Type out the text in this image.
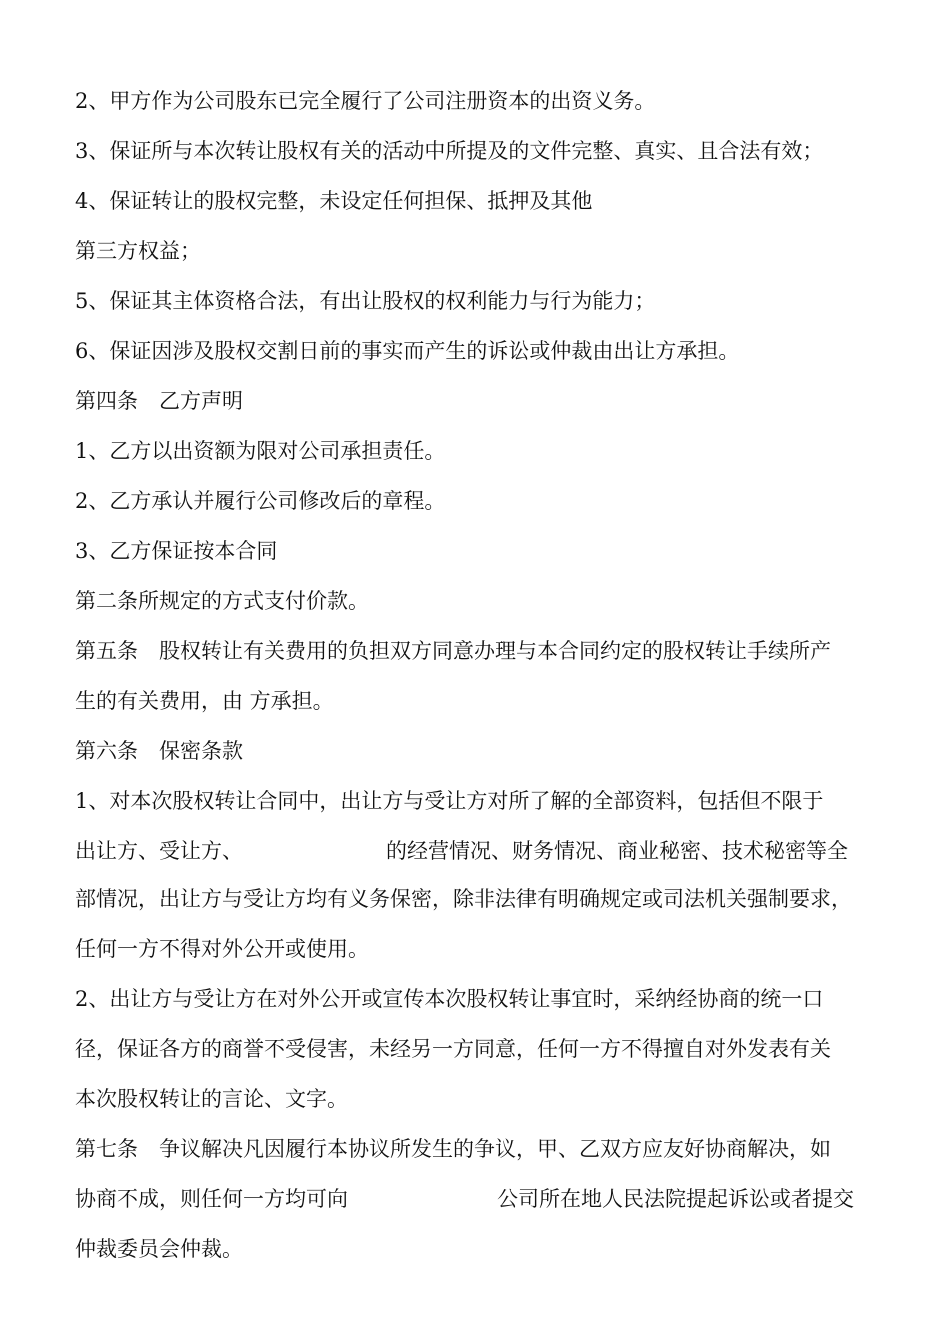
2、甲方作为公司股东已完全履行了公司注册资本的出资义务。
3、保证所与本次转让股权有关的活动中所提及的文件完整、真实、且合法有效；
4、保证转让的股权完整，未设定任何担保、抵押及其他
第三方权益；
5、保证其主体资格合法，有出让股权的权利能力与行为能力；
6、保证因涉及股权交割日前的事实而产生的诉讼或仲裁由出让方承担。
第四条　乙方声明
1、乙方以出资额为限对公司承担责任。
2、乙方承认并履行公司修改后的章程。
3、乙方保证按本合同
第二条所规定的方式支付价款。
第五条　股权转让有关费用的负担双方同意办理与本合同约定的股权转让手续所产
生的有关费用，由 方承担。
第六条　保密条款
1、对本次股权转让合同中，出让方与受让方对所了解的全部资料，包括但不限于
出让方、受让方、	的经营情况、财务情况、商业秘密、技术秘密等全
部情况，出让方与受让方均有义务保密，除非法律有明确规定或司法机关强制要求，
任何一方不得对外公开或使用。
2、出让方与受让方在对外公开或宣传本次股权转让事宜时，采纳经协商的统一口
径，保证各方的商誉不受侵害，未经另一方同意，任何一方不得擅自对外发表有关
本次股权转让的言论、文字。
第七条　争议解决凡因履行本协议所发生的争议，甲、乙双方应友好协商解决，如
协商不成，则任何一方均可向	公司所在地人民法院提起诉讼或者提交
仲裁委员会仲裁。
